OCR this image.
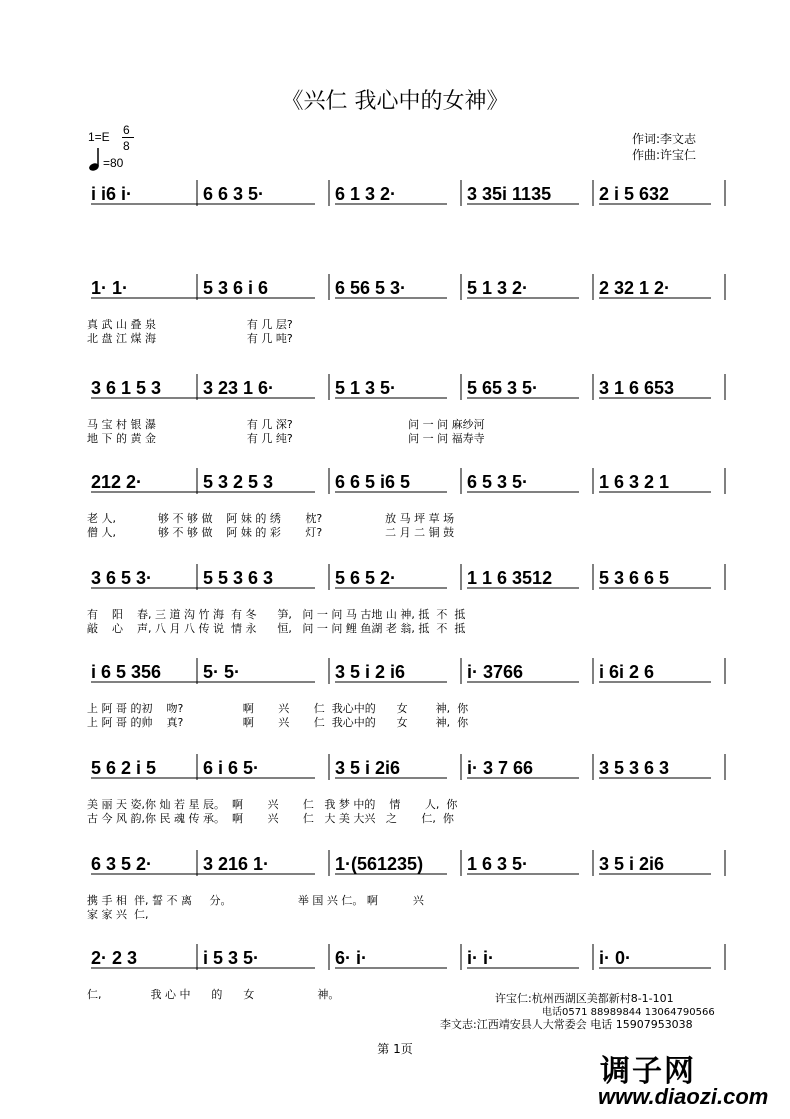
《兴仁 我心中的女神》
1=E 6
8
=80
作词:李文志
作曲:许宝仁
i i6 i·	6 6 3 5·	6 1 3 2·	3 35i 1135	2 i 5 632
1· 1·	5 3 6 i 6	6 56 5 3·	5 1 3 2·	2 32 1 2·
真 武 山 叠 泉                          有 几 层?
北 盘 江 煤 海                          有 几 吨?
3 6 1 5 3 3 23 1 6·	5 1 3 5·	5 65 3 5·	3 1 6 653
马 宝 村 银 瀑                          有 几 深?                                 问 一 问 麻纱河
地 下 的 黄 金                          有 几 纯?                                 问 一 问 福寿寺
212 2·	5 3 2 5 3	6 6 5 i6 5	6 5 3 5·	1 6 3 2 1
老 人,            够 不 够 做    阿 妹 的 绣       枕?                  放 马 坪 草 场
僧 人,            够 不 够 做    阿 妹 的 彩       灯?                  二 月 二 铜 鼓
3 6 5 3·	5 5 3 6 3	5 6 5 2·	1 1 6 3512	5 3 6 6 5
有    阳    春, 三 道 沟 竹 海  有 冬      笋,   问 一 问 马 古地 山 神, 抵  不  抵
敲    心    声, 八 月 八 传 说  情 永      恒,   问 一 问 鲤 鱼湖 老 翁, 抵  不  抵
i 6 5 356 5· 5·	3 5 i 2 i6	i· 3766	i 6i 2 6
上 阿 哥 的初    吻?                 啊       兴       仁  我心中的      女        神,  你
上 阿 哥 的帅    真?                 啊       兴       仁  我心中的      女        神,  你
5 6 2 i 5	6 i 6 5·	3 5 i 2i6	i· 3 7 66	3 5 3 6 3
美 丽 天 姿,你 灿 若 星 辰。  啊       兴       仁   我 梦 中的    情       人,  你
古 今 风 韵,你 民 魂 传 承。  啊       兴       仁   大 美 大兴   之       仁,  你
6 3 5 2·	3 216 1·	1·(561235) 1 6 3 5·	3 5 i 2i6
携 手 相  伴, 誓 不 离     分。                   举 国 兴 仁。 啊          兴
家 家 兴  仁,
2· 2 3	i 5 3 5·	6· i·	i· i·	i· 0·
仁,              我 心 中      的      女                  神。	许宝仁:杭州西湖区美都新村8-1-101
电话0571 88989844 13064790566
李文志:江西靖安县人大常委会 电话 15907953038
第 1页
调子网
www.diaozi.com
